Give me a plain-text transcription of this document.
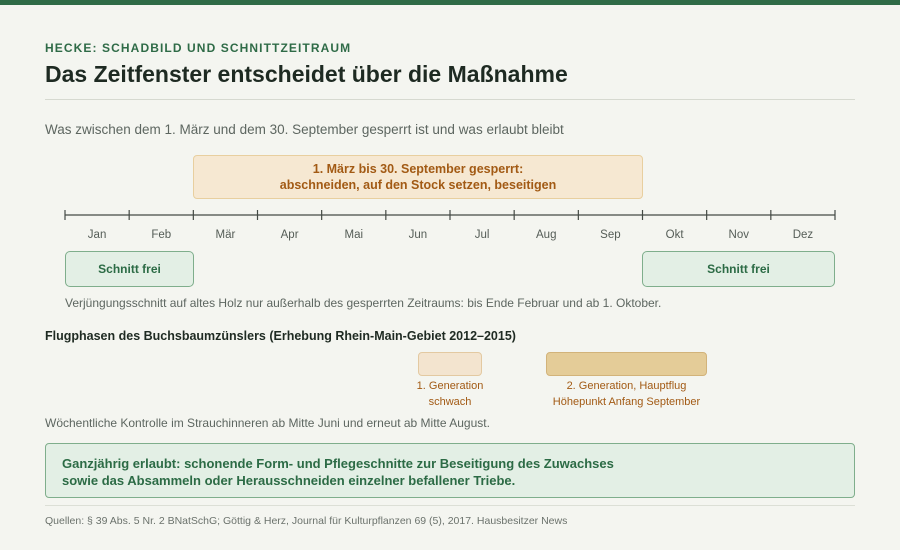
HECKE: SCHADBILD UND SCHNITTZEITRAUM
Das Zeitfenster entscheidet über die Maßnahme
Was zwischen dem 1. März und dem 30. September gesperrt ist und was erlaubt bleibt
1. März bis 30. September gesperrt:
abschneiden, auf den Stock setzen, beseitigen
Jan	Feb	Mär	Apr	Mai	Jun	Jul	Aug	Sep	Okt	Nov	Dez
Schnitt frei	Schnitt frei
Verjüngungsschnitt auf altes Holz nur außerhalb des gesperrten Zeitraums: bis Ende Februar und ab 1. Oktober.
Flugphasen des Buchsbaumzünslers (Erhebung Rhein-Main-Gebiet 2012–2015)
1. Generation
schwach
2. Generation, Hauptflug
Höhepunkt Anfang September
Wöchentliche Kontrolle im Strauchinneren ab Mitte Juni und erneut ab Mitte August.
Ganzjährig erlaubt: schonende Form- und Pflegeschnitte zur Beseitigung des Zuwachses
sowie das Absammeln oder Herausschneiden einzelner befallener Triebe.
Quellen: § 39 Abs. 5 Nr. 2 BNatSchG; Göttig & Herz, Journal für Kulturpflanzen 69 (5), 2017. Hausbesitzer News
